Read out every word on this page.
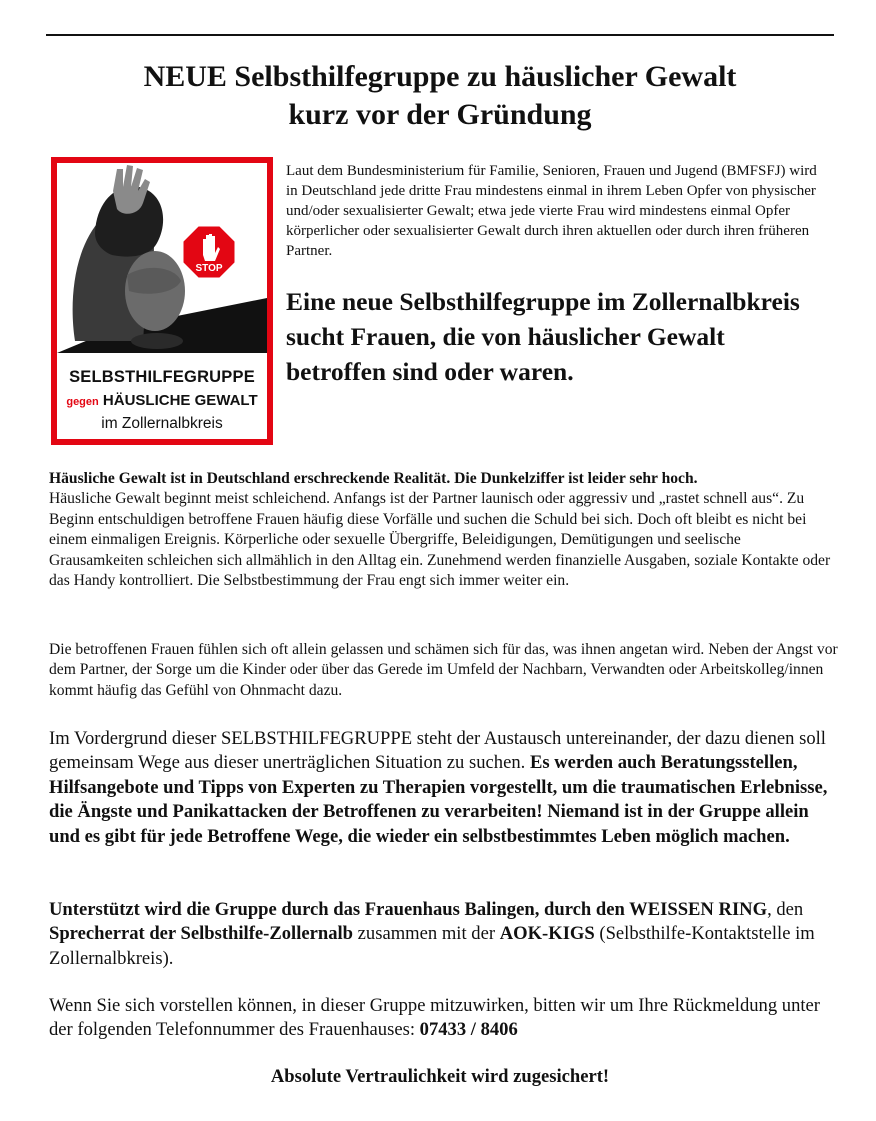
NEUE Selbsthilfegruppe zu häuslicher Gewalt
kurz vor der Gründung
STOP
SELBSTHILFEGRUPPE
gegen HÄUSLICHE GEWALT
im Zollernalbkreis
Laut dem Bundesministerium für Familie, Senioren, Frauen und Jugend (BMFSFJ) wird in Deutschland jede dritte Frau mindestens einmal in ihrem Leben Opfer von physischer und/oder sexualisierter Gewalt; etwa jede vierte Frau wird mindestens einmal Opfer körperlicher oder sexualisierter Gewalt durch ihren aktuellen oder durch ihren früheren Partner.
Eine neue Selbsthilfegruppe im Zollernalbkreis sucht Frauen, die von häuslicher Gewalt betroffen sind oder waren.
Häusliche Gewalt ist in Deutschland erschreckende Realität. Die Dunkelziffer ist leider sehr hoch.
Häusliche Gewalt beginnt meist schleichend. Anfangs ist der Partner launisch oder aggressiv und „rastet schnell aus“. Zu Beginn entschuldigen betroffene Frauen häufig diese Vorfälle und suchen die Schuld bei sich. Doch oft bleibt es nicht bei einem einmaligen Ereignis. Körperliche oder sexuelle Übergriffe, Beleidigungen, Demütigungen und seelische Grausamkeiten schleichen sich allmählich in den Alltag ein. Zunehmend werden finanzielle Ausgaben, soziale Kontakte oder das Handy kontrolliert. Die Selbstbestimmung der Frau engt sich immer weiter ein.
Die betroffenen Frauen fühlen sich oft allein gelassen und schämen sich für das, was ihnen angetan wird. Neben der Angst vor dem Partner, der Sorge um die Kinder oder über das Gerede im Umfeld der Nachbarn, Verwandten oder Arbeitskolleg/innen kommt häufig das Gefühl von Ohnmacht dazu.
Im Vordergrund dieser SELBSTHILFEGRUPPE steht der Austausch untereinander, der dazu dienen soll gemeinsam Wege aus dieser unerträglichen Situation zu suchen. Es werden auch Beratungsstellen, Hilfsangebote und Tipps von Experten zu Therapien vorgestellt, um die traumatischen Erlebnisse, die Ängste und Panikattacken der Betroffenen zu verarbeiten! Niemand ist in der Gruppe allein und es gibt für jede Betroffene Wege, die wieder ein selbstbestimmtes Leben möglich machen.
Unterstützt wird die Gruppe durch das Frauenhaus Balingen, durch den WEISSEN RING, den Sprecherrat der Selbsthilfe-Zollernalb zusammen mit der AOK-KIGS (Selbsthilfe-Kontaktstelle im Zollernalbkreis).
Wenn Sie sich vorstellen können, in dieser Gruppe mitzuwirken, bitten wir um Ihre Rückmeldung unter der folgenden Telefonnummer des Frauenhauses: 07433 / 8406
Absolute Vertraulichkeit wird zugesichert!
